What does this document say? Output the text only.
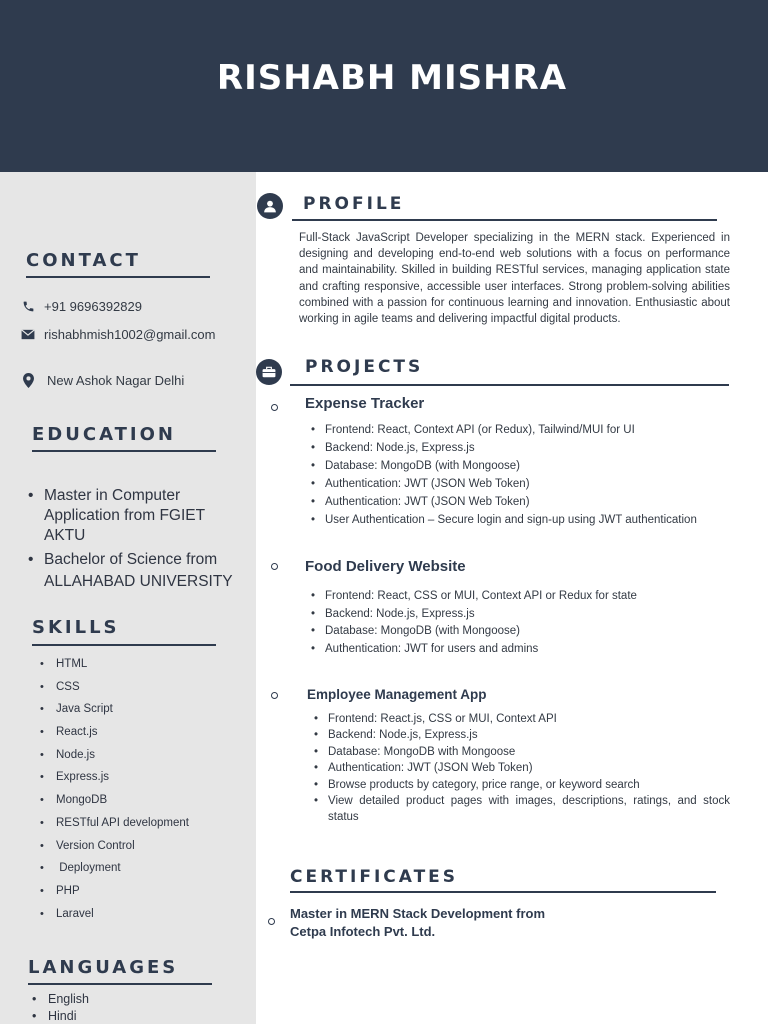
RISHABH MISHRA
CONTACT
+91 9696392829
rishabhmish1002@gmail.com
New Ashok Nagar Delhi
EDUCATION
• Master in Computer
Application from FGIET
AKTU
• Bachelor of Science from
ALLAHABAD UNIVERSITY
SKILLS
• HTML
• CSS
• Java Script
• React.js
• Node.js
• Express.js
• MongoDB
• RESTful API development
• Version Control
•  Deployment
• PHP
• Laravel
LANGUAGES
• English
• Hindi
PROFILE
Full-Stack JavaScript Developer specializing in the MERN stack. Experienced in designing and developing end-to-end web solutions with a focus on performance and maintainability. Skilled in building RESTful services, managing application state and crafting responsive, accessible user interfaces. Strong problem-solving abilities combined with a passion for continuous learning and innovation. Enthusiastic about working in agile teams and delivering impactful digital products.
PROJECTS
Expense Tracker
• Frontend: React, Context API (or Redux), Tailwind/MUI for UI
• Backend: Node.js, Express.js
• Database: MongoDB (with Mongoose)
• Authentication: JWT (JSON Web Token)
• Authentication: JWT (JSON Web Token)
• User Authentication – Secure login and sign-up using JWT authentication
Food Delivery Website
• Frontend: React, CSS or MUI, Context API or Redux for state
• Backend: Node.js, Express.js
• Database: MongoDB (with Mongoose)
• Authentication: JWT for users and admins
Employee Management App
• Frontend: React.js, CSS or MUI, Context API
• Backend: Node.js, Express.js
• Database: MongoDB with Mongoose
• Authentication: JWT (JSON Web Token)
• Browse products by category, price range, or keyword search
• View detailed product pages with images, descriptions, ratings, and stock status
CERTIFICATES
Master in MERN Stack Development from
Cetpa Infotech Pvt. Ltd.
